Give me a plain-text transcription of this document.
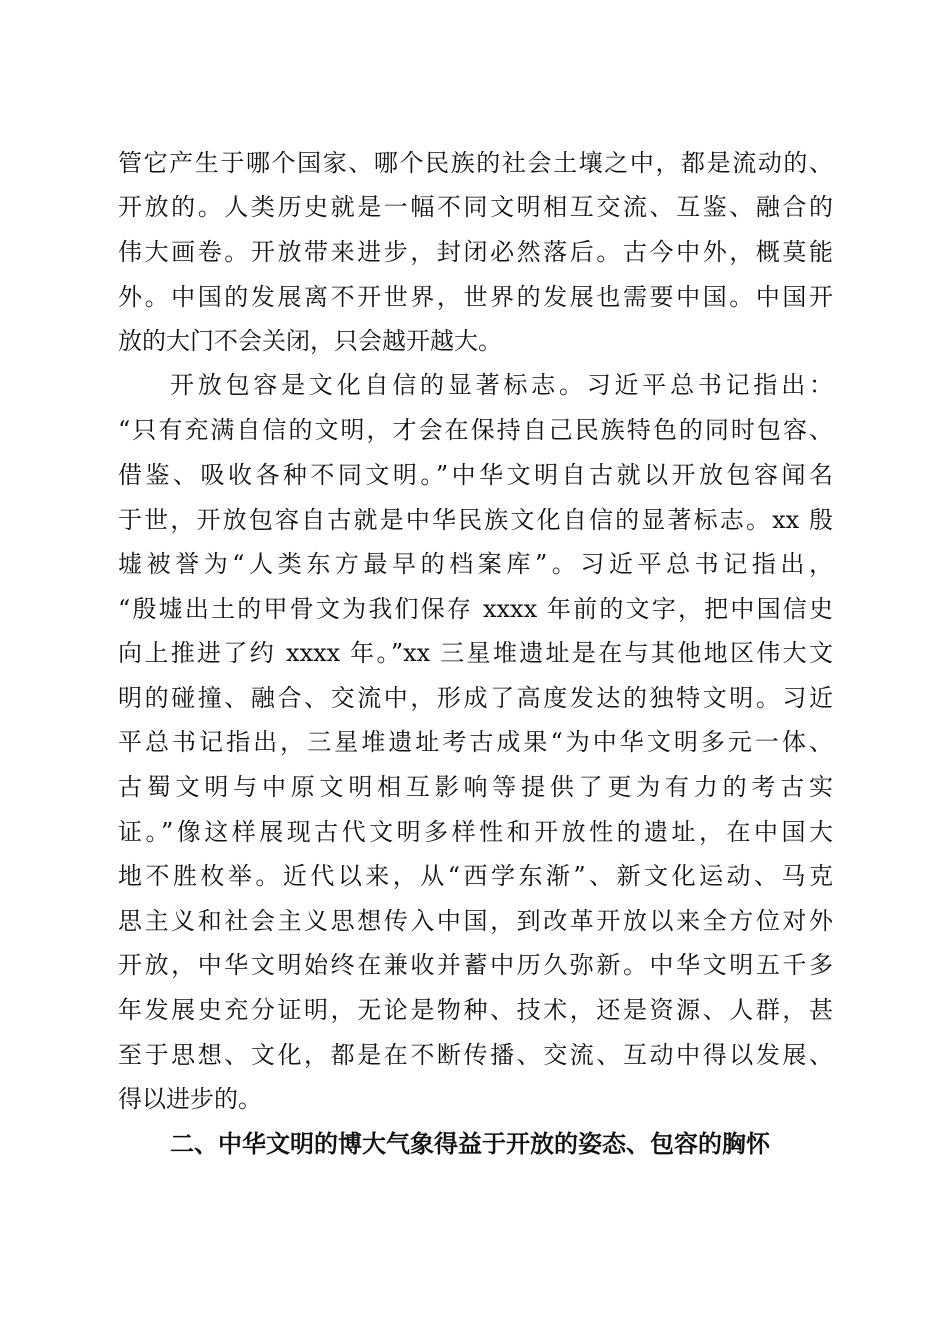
管它产生于哪个国家、哪个民族的社会土壤之中，都是流动的、
开放的。人类历史就是一幅不同文明相互交流、互鉴、融合的
伟大画卷。开放带来进步，封闭必然落后。古今中外，概莫能
外。中国的发展离不开世界，世界的发展也需要中国。中国开
放的大门不会关闭，只会越开越大。
开放包容是文化自信的显著标志。习近平总书记指出：
“只有充满自信的文明，才会在保持自己民族特色的同时包容、
借鉴、吸收各种不同文明。”中华文明自古就以开放包容闻名
于世，开放包容自古就是中华民族文化自信的显著标志。xx 殷
墟被誉为“人类东方最早的档案库”。习近平总书记指出，
“殷墟出土的甲骨文为我们保存 xxxx 年前的文字，把中国信史
向上推进了约 xxxx 年。”xx 三星堆遗址是在与其他地区伟大文
明的碰撞、融合、交流中，形成了高度发达的独特文明。习近
平总书记指出，三星堆遗址考古成果“为中华文明多元一体、
古蜀文明与中原文明相互影响等提供了更为有力的考古实
证。”像这样展现古代文明多样性和开放性的遗址，在中国大
地不胜枚举。近代以来，从“西学东渐”、新文化运动、马克
思主义和社会主义思想传入中国，到改革开放以来全方位对外
开放，中华文明始终在兼收并蓄中历久弥新。中华文明五千多
年发展史充分证明，无论是物种、技术，还是资源、人群，甚
至于思想、文化，都是在不断传播、交流、互动中得以发展、
得以进步的。
二、中华文明的博大气象得益于开放的姿态、包容的胸怀
